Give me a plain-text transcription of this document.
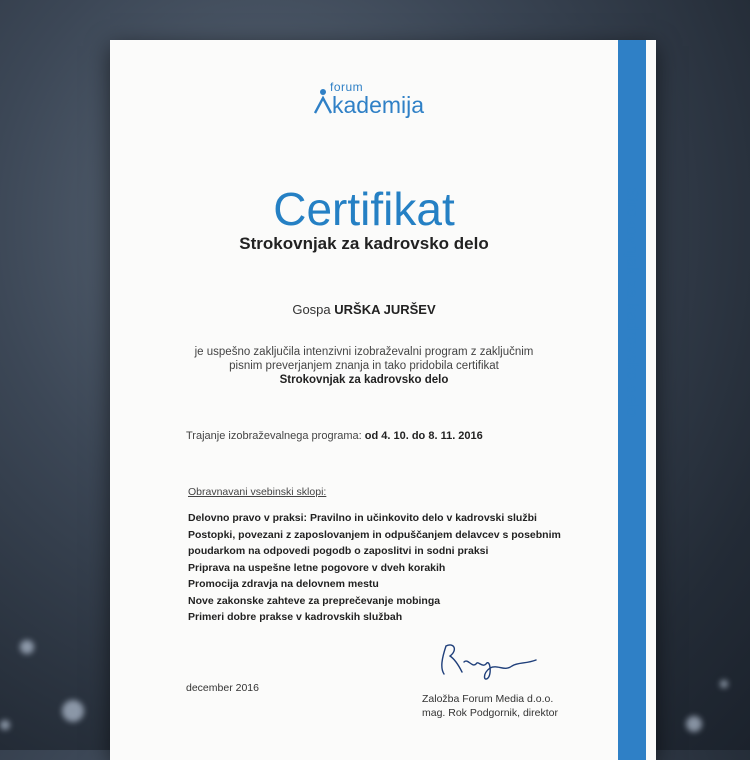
Strokovnjak za kadrovsko delo
forum
kademija
Certifikat
Strokovnjak za kadrovsko delo
Gospa URŠKA JURŠEV
je uspešno zaključila intenzivni izobraževalni program z zaključnim
pisnim preverjanjem znanja in tako pridobila certifikat
Strokovnjak za kadrovsko delo
Trajanje izobraževalnega programa: od 4. 10. do 8. 11. 2016
Obravnavani vsebinski sklopi:
Delovno pravo v praksi: Pravilno in učinkovito delo v kadrovski službi
Postopki, povezani z zaposlovanjem in odpuščanjem delavcev s posebnim
poudarkom na odpovedi pogodb o zaposlitvi in sodni praksi
Priprava na uspešne letne pogovore v dveh korakih
Promocija zdravja na delovnem mestu
Nove zakonske zahteve za preprečevanje mobinga
Primeri dobre prakse v kadrovskih službah
december 2016
Založba Forum Media d.o.o.
mag. Rok Podgornik, direktor
